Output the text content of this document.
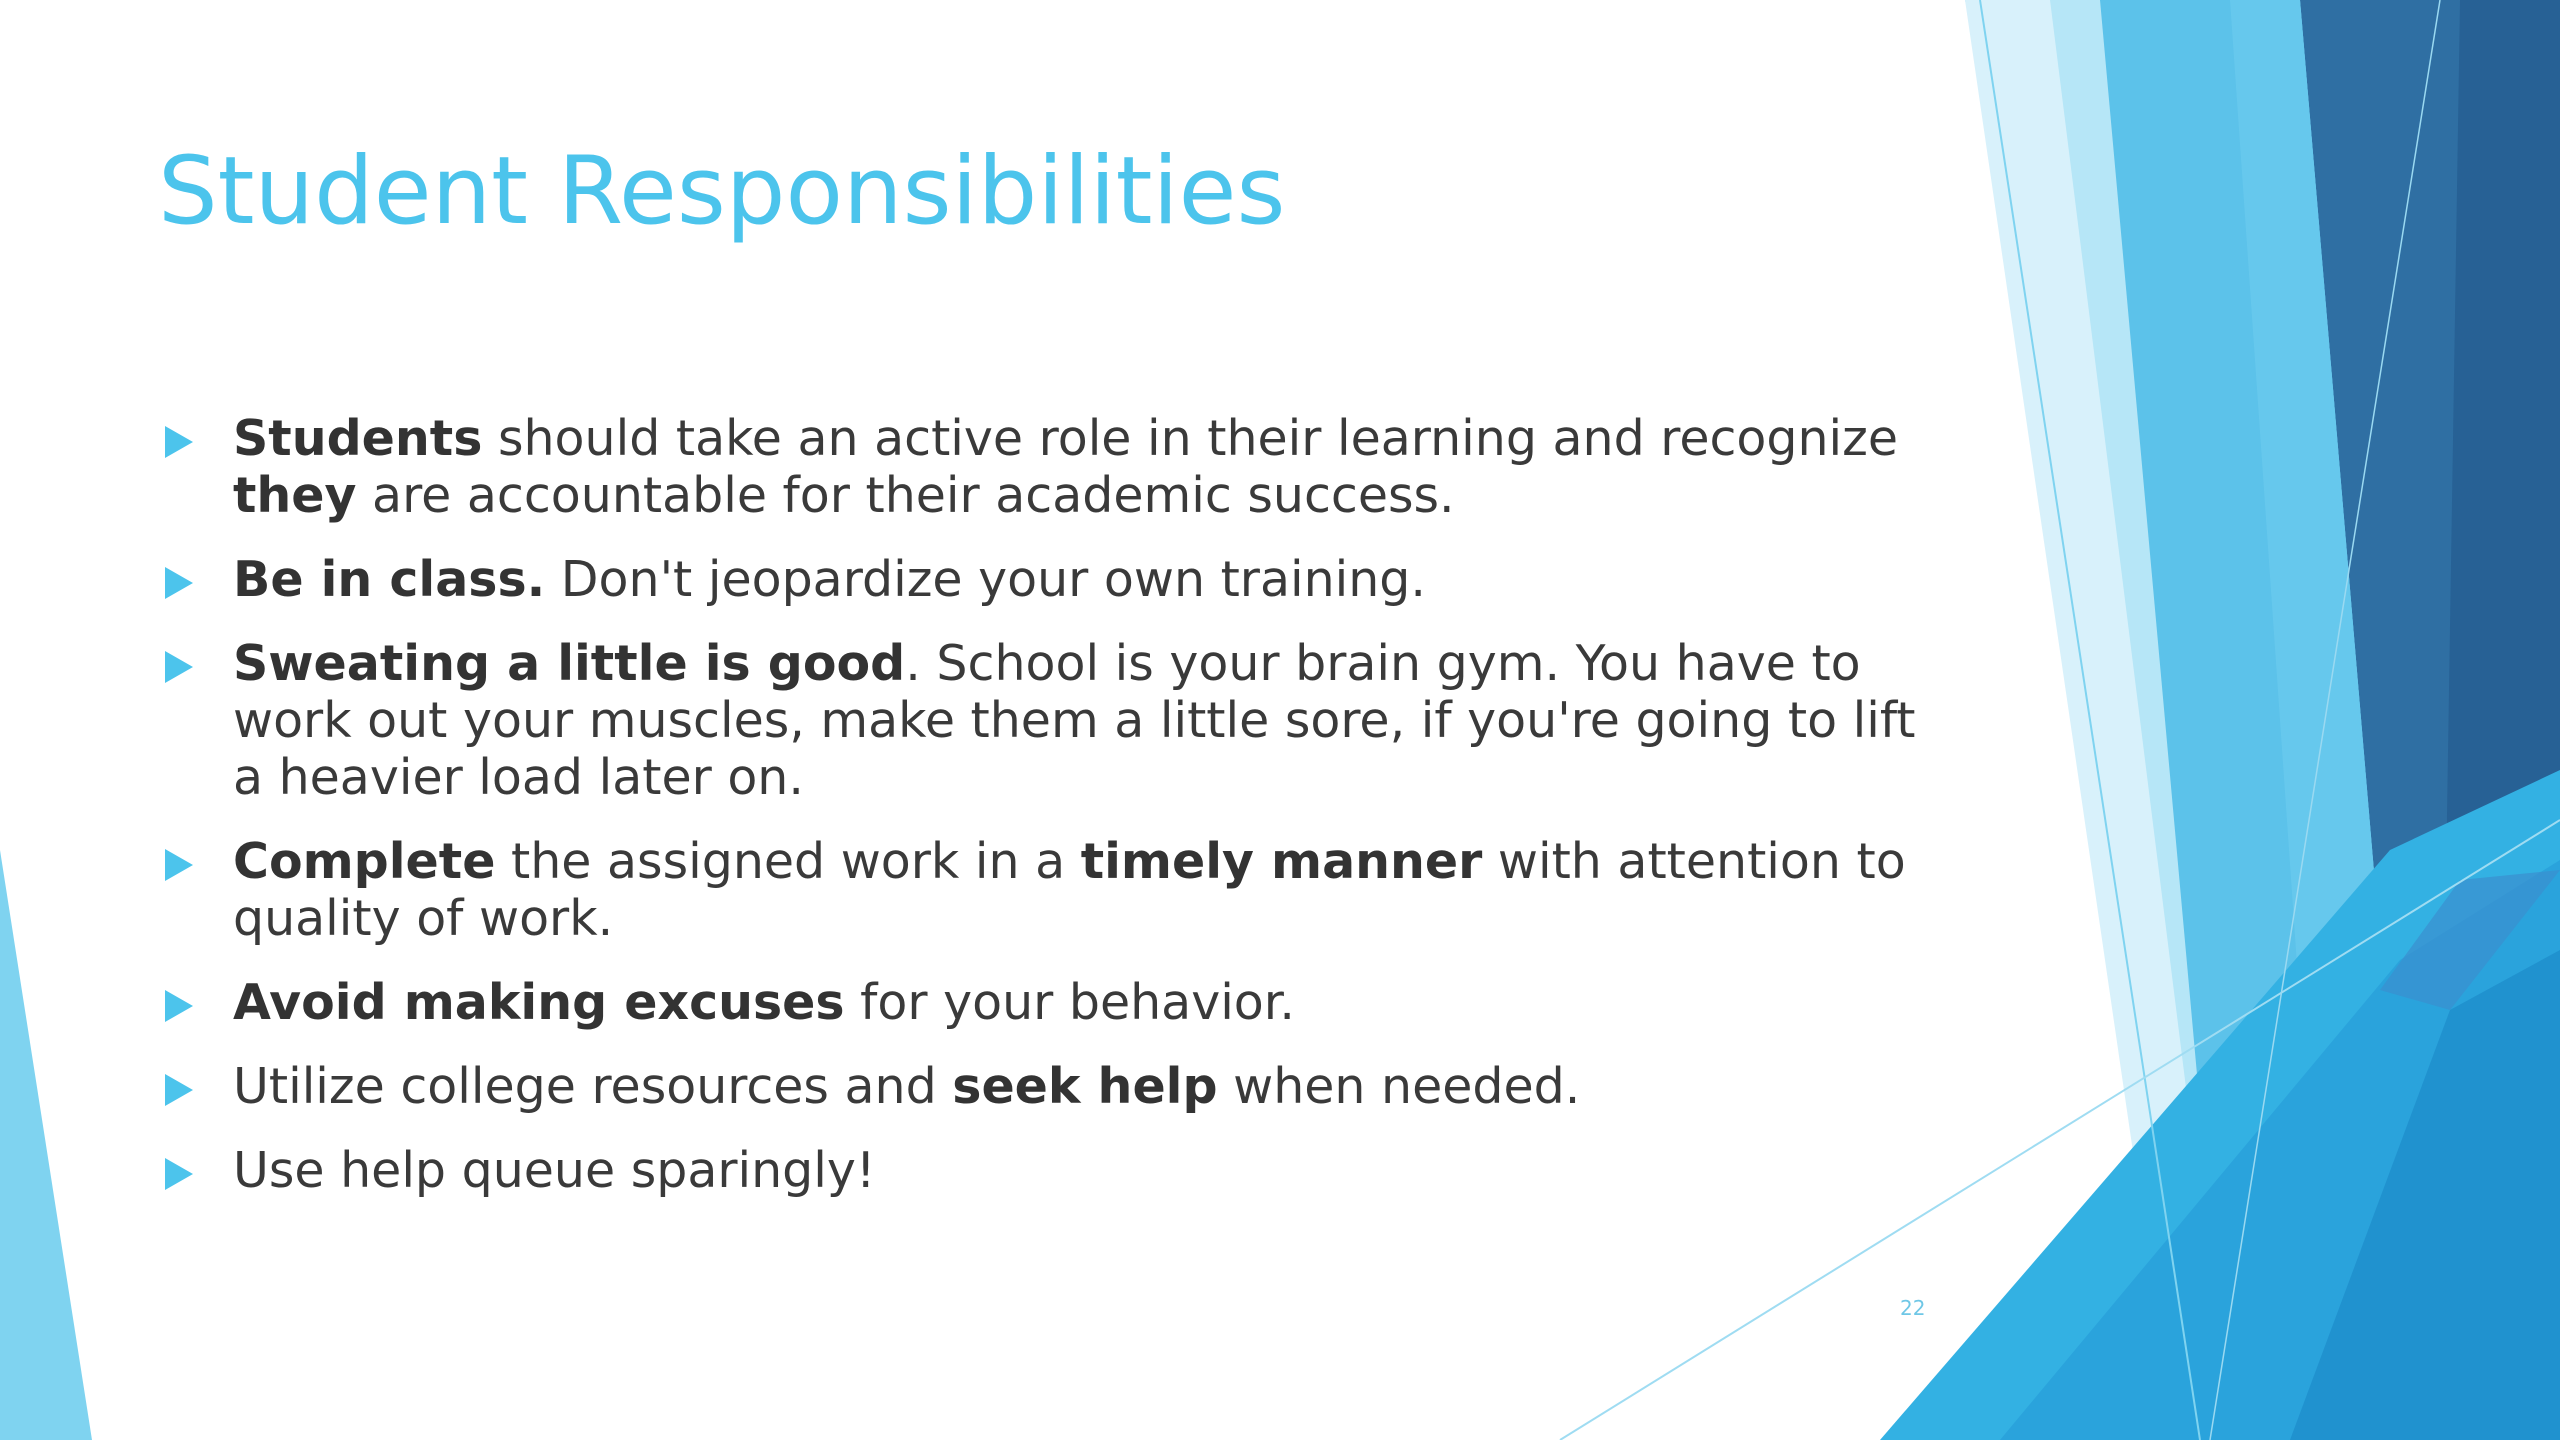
Student Responsibilities
Students should take an active role in their learning and recognize they are accountable for their academic success.
Be in class. Don't jeopardize your own training.
Sweating a little is good. School is your brain gym. You have to work out your muscles, make them a little sore, if you're going to lift a heavier load later on.
Complete the assigned work in a timely manner with attention to quality of work.
Avoid making excuses for your behavior.
Utilize college resources and seek help when needed.
Use help queue sparingly!
22
